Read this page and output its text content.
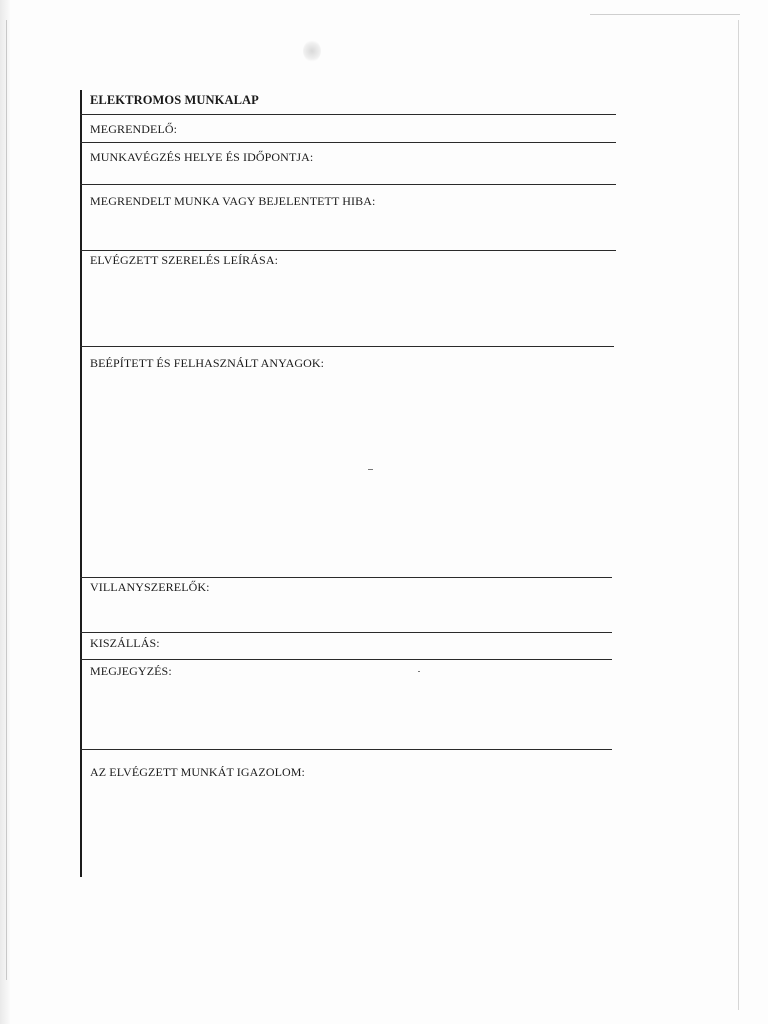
ELEKTROMOS MUNKALAP
MEGRENDELŐ:
MUNKAVÉGZÉS HELYE ÉS IDŐPONTJA:
MEGRENDELT MUNKA VAGY BEJELENTETT HIBA:
ELVÉGZETT SZERELÉS LEÍRÁSA:
BEÉPÍTETT ÉS FELHASZNÁLT ANYAGOK:
VILLANYSZERELŐK:
KISZÁLLÁS:
MEGJEGYZÉS:
AZ ELVÉGZETT MUNKÁT IGAZOLOM:
